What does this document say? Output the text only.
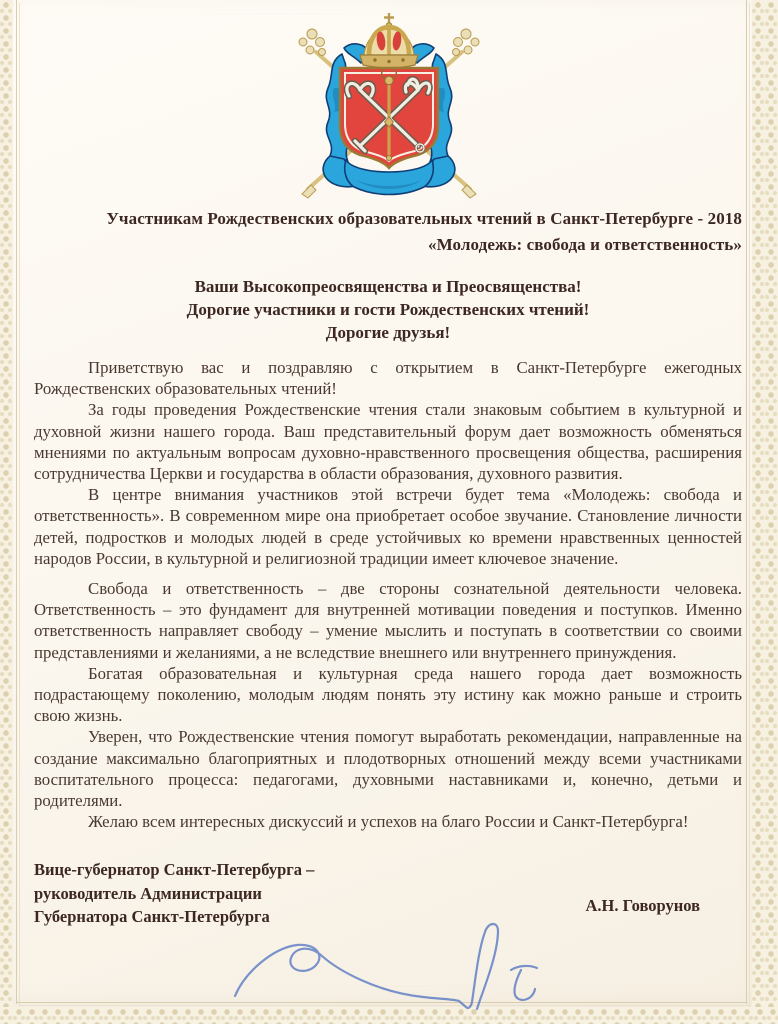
Участникам Рождественских образовательных чтений в Санкт-Петербурге - 2018
«Молодежь: свобода и ответственность»
Ваши Высокопреосвященства и Преосвященства!
Дорогие участники и гости Рождественских чтений!
Дорогие друзья!

Приветствую вас и поздравляю с открытием в Санкт-Петербурге ежегодных Рождественских образовательных чтений!

За годы проведения Рождественские чтения стали знаковым событием в культурной и духовной жизни нашего города. Ваш представительный форум дает возможность обменяться мнениями по актуальным вопросам духовно-нравственного просвещения общества, расширения сотрудничества Церкви и государства в области образования, духовного развития.

В центре внимания участников этой встречи будет тема «Молодежь: свобода и ответственность». В современном мире она приобретает особое звучание. Становление личности детей, подростков и молодых людей в среде устойчивых ко времени нравственных ценностей народов России, в культурной и религиозной традиции имеет ключевое значение.

Свобода и ответственность – две стороны сознательной деятельности человека. Ответственность – это фундамент для внутренней мотивации поведения и поступков. Именно ответственность направляет свободу – умение мыслить и поступать в соответствии со своими представлениями и желаниями, а не вследствие внешнего или внутреннего принуждения.

Богатая образовательная и культурная среда нашего города дает возможность подрастающему поколению, молодым людям понять эту истину как можно раньше и строить свою жизнь.

Уверен, что Рождественские чтения помогут выработать рекомендации, направленные на создание максимально благоприятных и плодотворных отношений между всеми участниками воспитательного процесса: педагогами, духовными наставниками и, конечно, детьми и родителями.

Желаю всем интересных дискуссий и успехов на благо России и Санкт-Петербурга!

Вице-губернатор Санкт-Петербурга –
руководитель Администрации
Губернатора Санкт-Петербурга
А.Н. Говорунов
